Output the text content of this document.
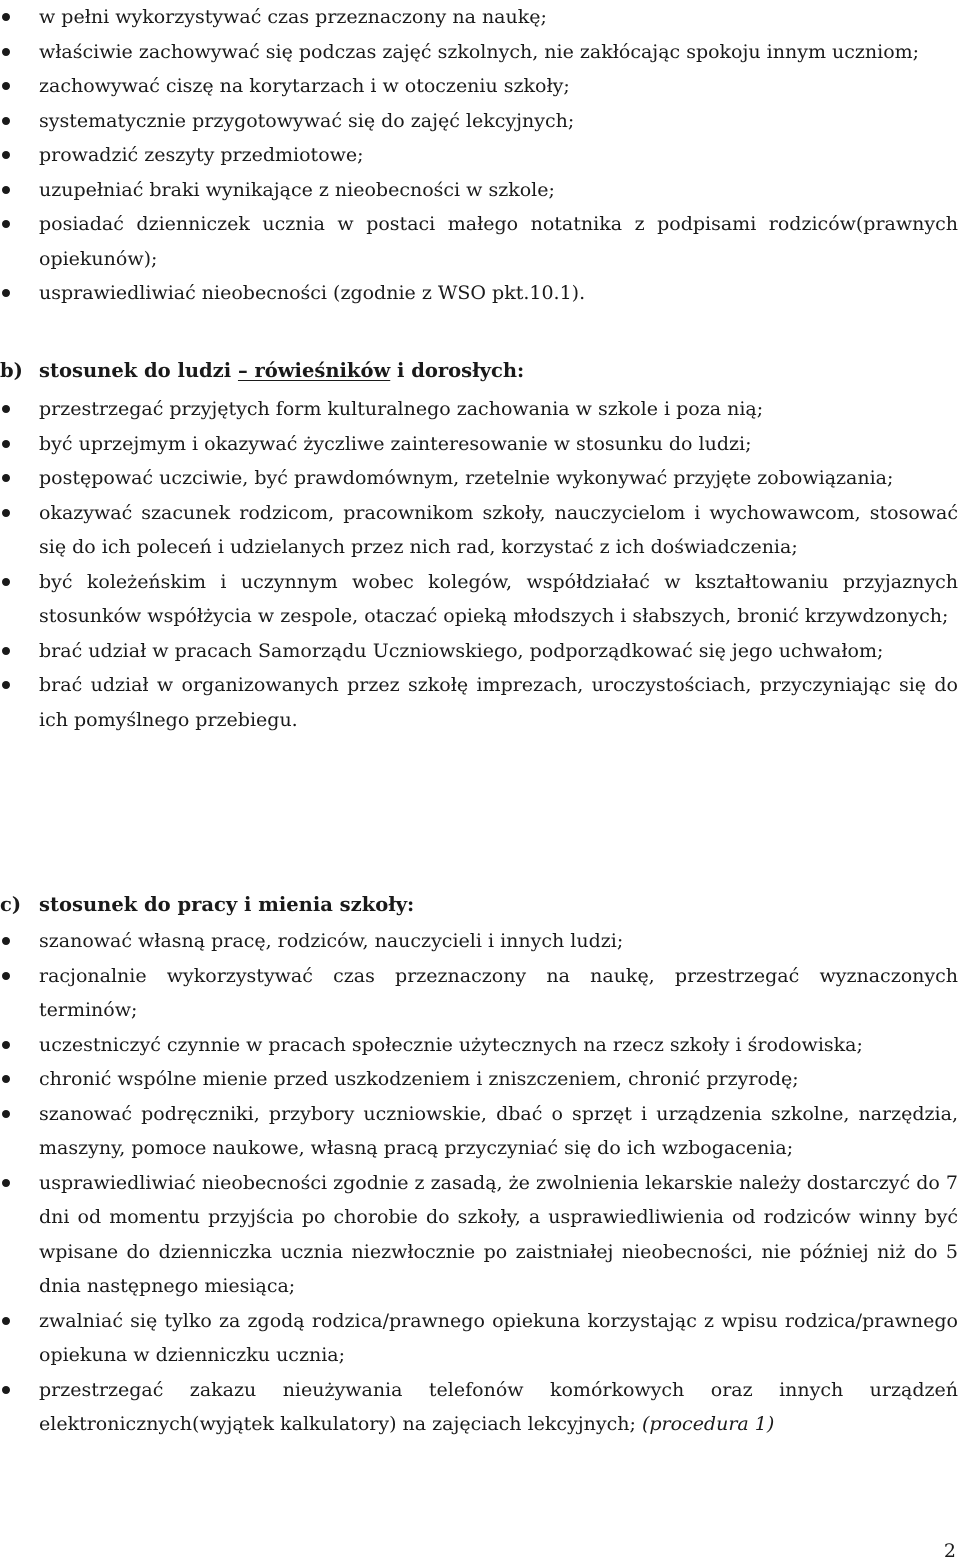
w pełni wykorzystywać czas przeznaczony na naukę;
właściwie zachowywać się podczas zajęć szkolnych, nie zakłócając spokoju innym uczniom;
zachowywać ciszę na korytarzach i w otoczeniu szkoły;
systematycznie przygotowywać się do zajęć lekcyjnych;
prowadzić zeszyty przedmiotowe;
uzupełniać braki wynikające z nieobecności w szkole;
posiadać dzienniczek ucznia w postaci małego notatnika z podpisami rodziców(prawnych opiekunów);
usprawiedliwiać nieobecności (zgodnie z WSO pkt.10.1).
b) stosunek do ludzi – rówieśników i dorosłych:
przestrzegać przyjętych form kulturalnego zachowania w szkole i poza nią;
być uprzejmym i okazywać życzliwe zainteresowanie w stosunku do ludzi;
postępować uczciwie, być prawdomównym, rzetelnie wykonywać przyjęte zobowiązania;
okazywać szacunek rodzicom, pracownikom szkoły, nauczycielom i wychowawcom, stosować się do ich poleceń i udzielanych przez nich rad, korzystać z ich doświadczenia;
być koleżeńskim i uczynnym wobec kolegów, współdziałać w kształtowaniu przyjaznych stosunków współżycia w zespole, otaczać opieką młodszych i słabszych, bronić krzywdzonych;
brać udział w pracach Samorządu Uczniowskiego, podporządkować się jego uchwałom;
brać udział w organizowanych przez szkołę imprezach, uroczystościach, przyczyniając się do ich pomyślnego przebiegu.
c) stosunek do pracy i mienia szkoły:
szanować własną pracę, rodziców, nauczycieli i innych ludzi;
racjonalnie wykorzystywać czas przeznaczony na naukę, przestrzegać wyznaczonych terminów;
uczestniczyć czynnie w pracach społecznie użytecznych na rzecz szkoły i środowiska;
chronić wspólne mienie przed uszkodzeniem i zniszczeniem, chronić przyrodę;
szanować podręczniki, przybory uczniowskie, dbać o sprzęt i urządzenia szkolne, narzędzia, maszyny, pomoce naukowe, własną pracą przyczyniać się do ich wzbogacenia;
usprawiedliwiać nieobecności zgodnie z zasadą, że zwolnienia lekarskie należy dostarczyć do 7 dni od momentu przyjścia po chorobie do szkoły, a usprawiedliwienia od rodziców winny być wpisane do dzienniczka ucznia niezwłocznie po zaistniałej nieobecności, nie później niż do 5 dnia następnego miesiąca;
zwalniać się tylko za zgodą rodzica/prawnego opiekuna korzystając z wpisu rodzica/prawnego opiekuna w dzienniczku ucznia;
przestrzegać zakazu nieużywania telefonów komórkowych oraz innych urządzeń elektronicznych(wyjątek kalkulatory) na zajęciach lekcyjnych; (procedura 1)
2
